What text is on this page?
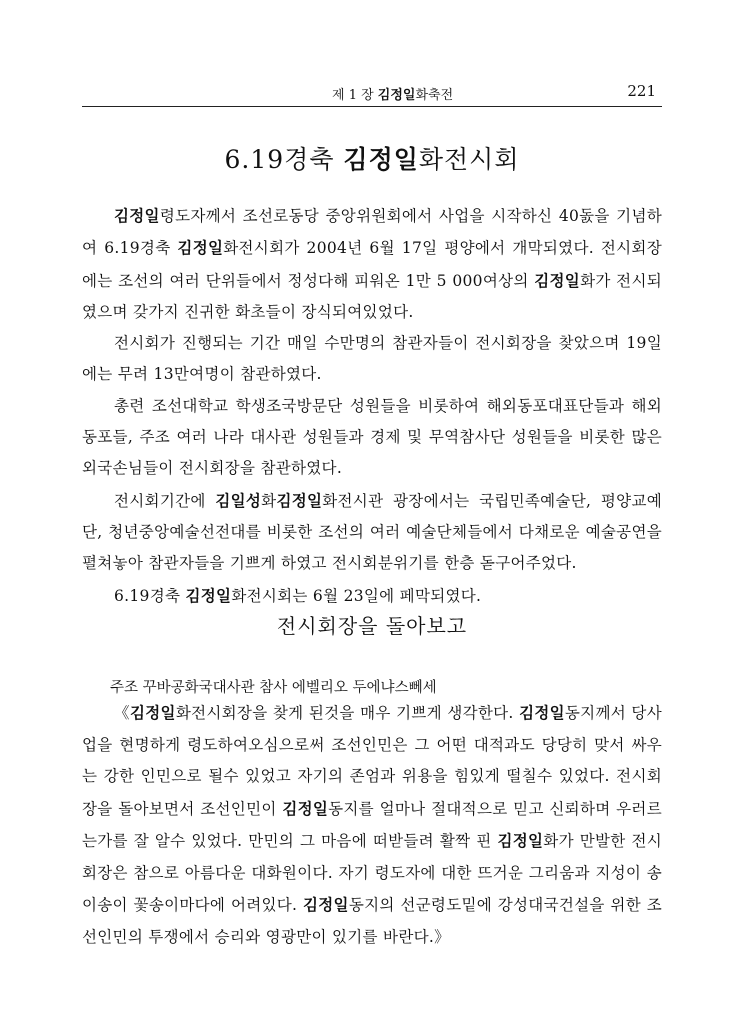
제 1 장 김정일화축전	221
6.19경축 김정일화전시회

김정일령도자께서 조선로동당 중앙위원회에서 사업을 시작하신 40돐을 기념하여 6.19경축 김정일화전시회가 2004년 6월 17일 평양에서 개막되였다. 전시회장에는 조선의 여러 단위들에서 정성다해 피워온 1만 5 000여상의 김정일화가 전시되였으며 갖가지 진귀한 화초들이 장식되여있었다.

전시회가 진행되는 기간 매일 수만명의 참관자들이 전시회장을 찾았으며 19일에는 무려 13만여명이 참관하였다.

총련 조선대학교 학생조국방문단 성원들을 비롯하여 해외동포대표단들과 해외동포들, 주조 여러 나라 대사관 성원들과 경제 및 무역참사단 성원들을 비롯한 많은 외국손님들이 전시회장을 참관하였다.

전시회기간에 김일성화김정일화전시관 광장에서는 국립민족예술단, 평양교예단, 청년중앙예술선전대를 비롯한 조선의 여러 예술단체들에서 다채로운 예술공연을 펼쳐놓아 참관자들을 기쁘게 하였고 전시회분위기를 한층 돋구어주었다.

6.19경축 김정일화전시회는 6월 23일에 페막되였다.

전시회장을 돌아보고
주조 꾸바공화국대사관 참사 에벨리오 두에냐스뻬세

《김정일화전시회장을 찾게 된것을 매우 기쁘게 생각한다. 김정일동지께서 당사업을 현명하게 령도하여오심으로써 조선인민은 그 어떤 대적과도 당당히 맞서 싸우는 강한 인민으로 될수 있었고 자기의 존엄과 위용을 힘있게 떨칠수 있었다. 전시회장을 돌아보면서 조선인민이 김정일동지를 얼마나 절대적으로 믿고 신뢰하며 우러르는가를 잘 알수 있었다. 만민의 그 마음에 떠받들려 활짝 핀 김정일화가 만발한 전시회장은 참으로 아름다운 대화원이다. 자기 령도자에 대한 뜨거운 그리움과 지성이 송이송이 꽃송이마다에 어려있다. 김정일동지의 선군령도밑에 강성대국건설을 위한 조선인민의 투쟁에서 승리와 영광만이 있기를 바란다.》
